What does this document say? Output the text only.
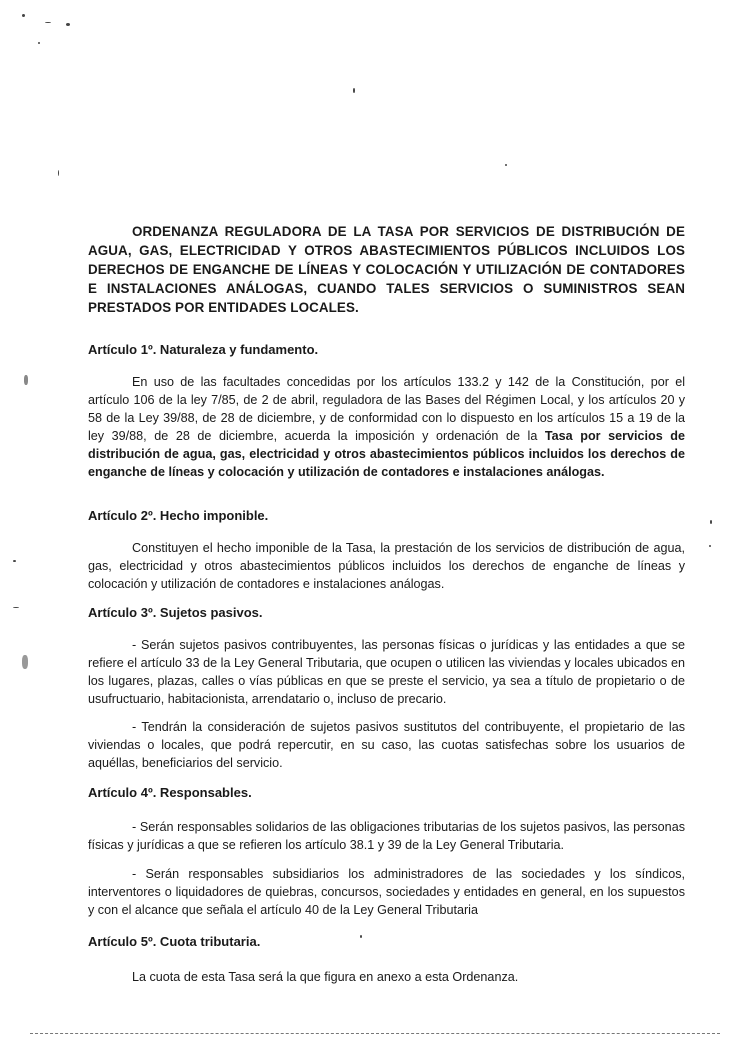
ORDENANZA REGULADORA DE LA TASA POR SERVICIOS DE DISTRIBUCIÓN DE AGUA, GAS, ELECTRICIDAD Y OTROS ABASTECIMIENTOS PÚBLICOS INCLUIDOS LOS DERECHOS DE ENGANCHE DE LÍNEAS Y COLOCACIÓN Y UTILIZACIÓN DE CONTADORES E INSTALACIONES ANÁLOGAS, CUANDO TALES SERVICIOS O SUMINISTROS SEAN PRESTADOS POR ENTIDADES LOCALES.
Artículo 1º. Naturaleza y fundamento.
En uso de las facultades concedidas por los artículos 133.2 y 142 de la Constitución, por el artículo 106 de la ley 7/85, de 2 de abril, reguladora de las Bases del Régimen Local, y los artículos 20 y 58 de la Ley 39/88, de 28 de diciembre, y de conformidad con lo dispuesto en los artículos 15 a 19 de la ley 39/88, de 28 de diciembre, acuerda la imposición y ordenación de la Tasa por servicios de distribución de agua, gas, electricidad y otros abastecimientos públicos incluidos los derechos de enganche de líneas y colocación y utilización de contadores e instalaciones análogas.
Artículo 2º. Hecho imponible.
Constituyen el hecho imponible de la Tasa, la prestación de los servicios de distribución de agua, gas, electricidad y otros abastecimientos públicos incluidos los derechos de enganche de líneas y colocación y utilización de contadores e instalaciones análogas.
Artículo 3º. Sujetos pasivos.
- Serán sujetos pasivos contribuyentes, las personas físicas o jurídicas y las entidades a que se refiere el artículo 33 de la Ley General Tributaria, que ocupen o utilicen las viviendas y locales ubicados en los lugares, plazas, calles o vías públicas en que se preste el servicio, ya sea a título de propietario o de usufructuario, habitacionista, arrendatario o, incluso de precario.
- Tendrán la consideración de sujetos pasivos sustitutos del contribuyente, el propietario de las viviendas o locales, que podrá repercutir, en su caso, las cuotas satisfechas sobre los usuarios de aquéllas, beneficiarios del servicio.
Artículo 4º. Responsables.
- Serán responsables solidarios de las obligaciones tributarias de los sujetos pasivos, las personas físicas y jurídicas a que se refieren los artículo 38.1 y 39 de la Ley General Tributaria.
- Serán responsables subsidiarios los administradores de las sociedades y los síndicos, interventores o liquidadores de quiebras, concursos, sociedades y entidades en general, en los supuestos y con el alcance que señala el artículo 40 de la Ley General Tributaria
Artículo 5º. Cuota tributaria.
La cuota de esta Tasa será la que figura en anexo a esta Ordenanza.
